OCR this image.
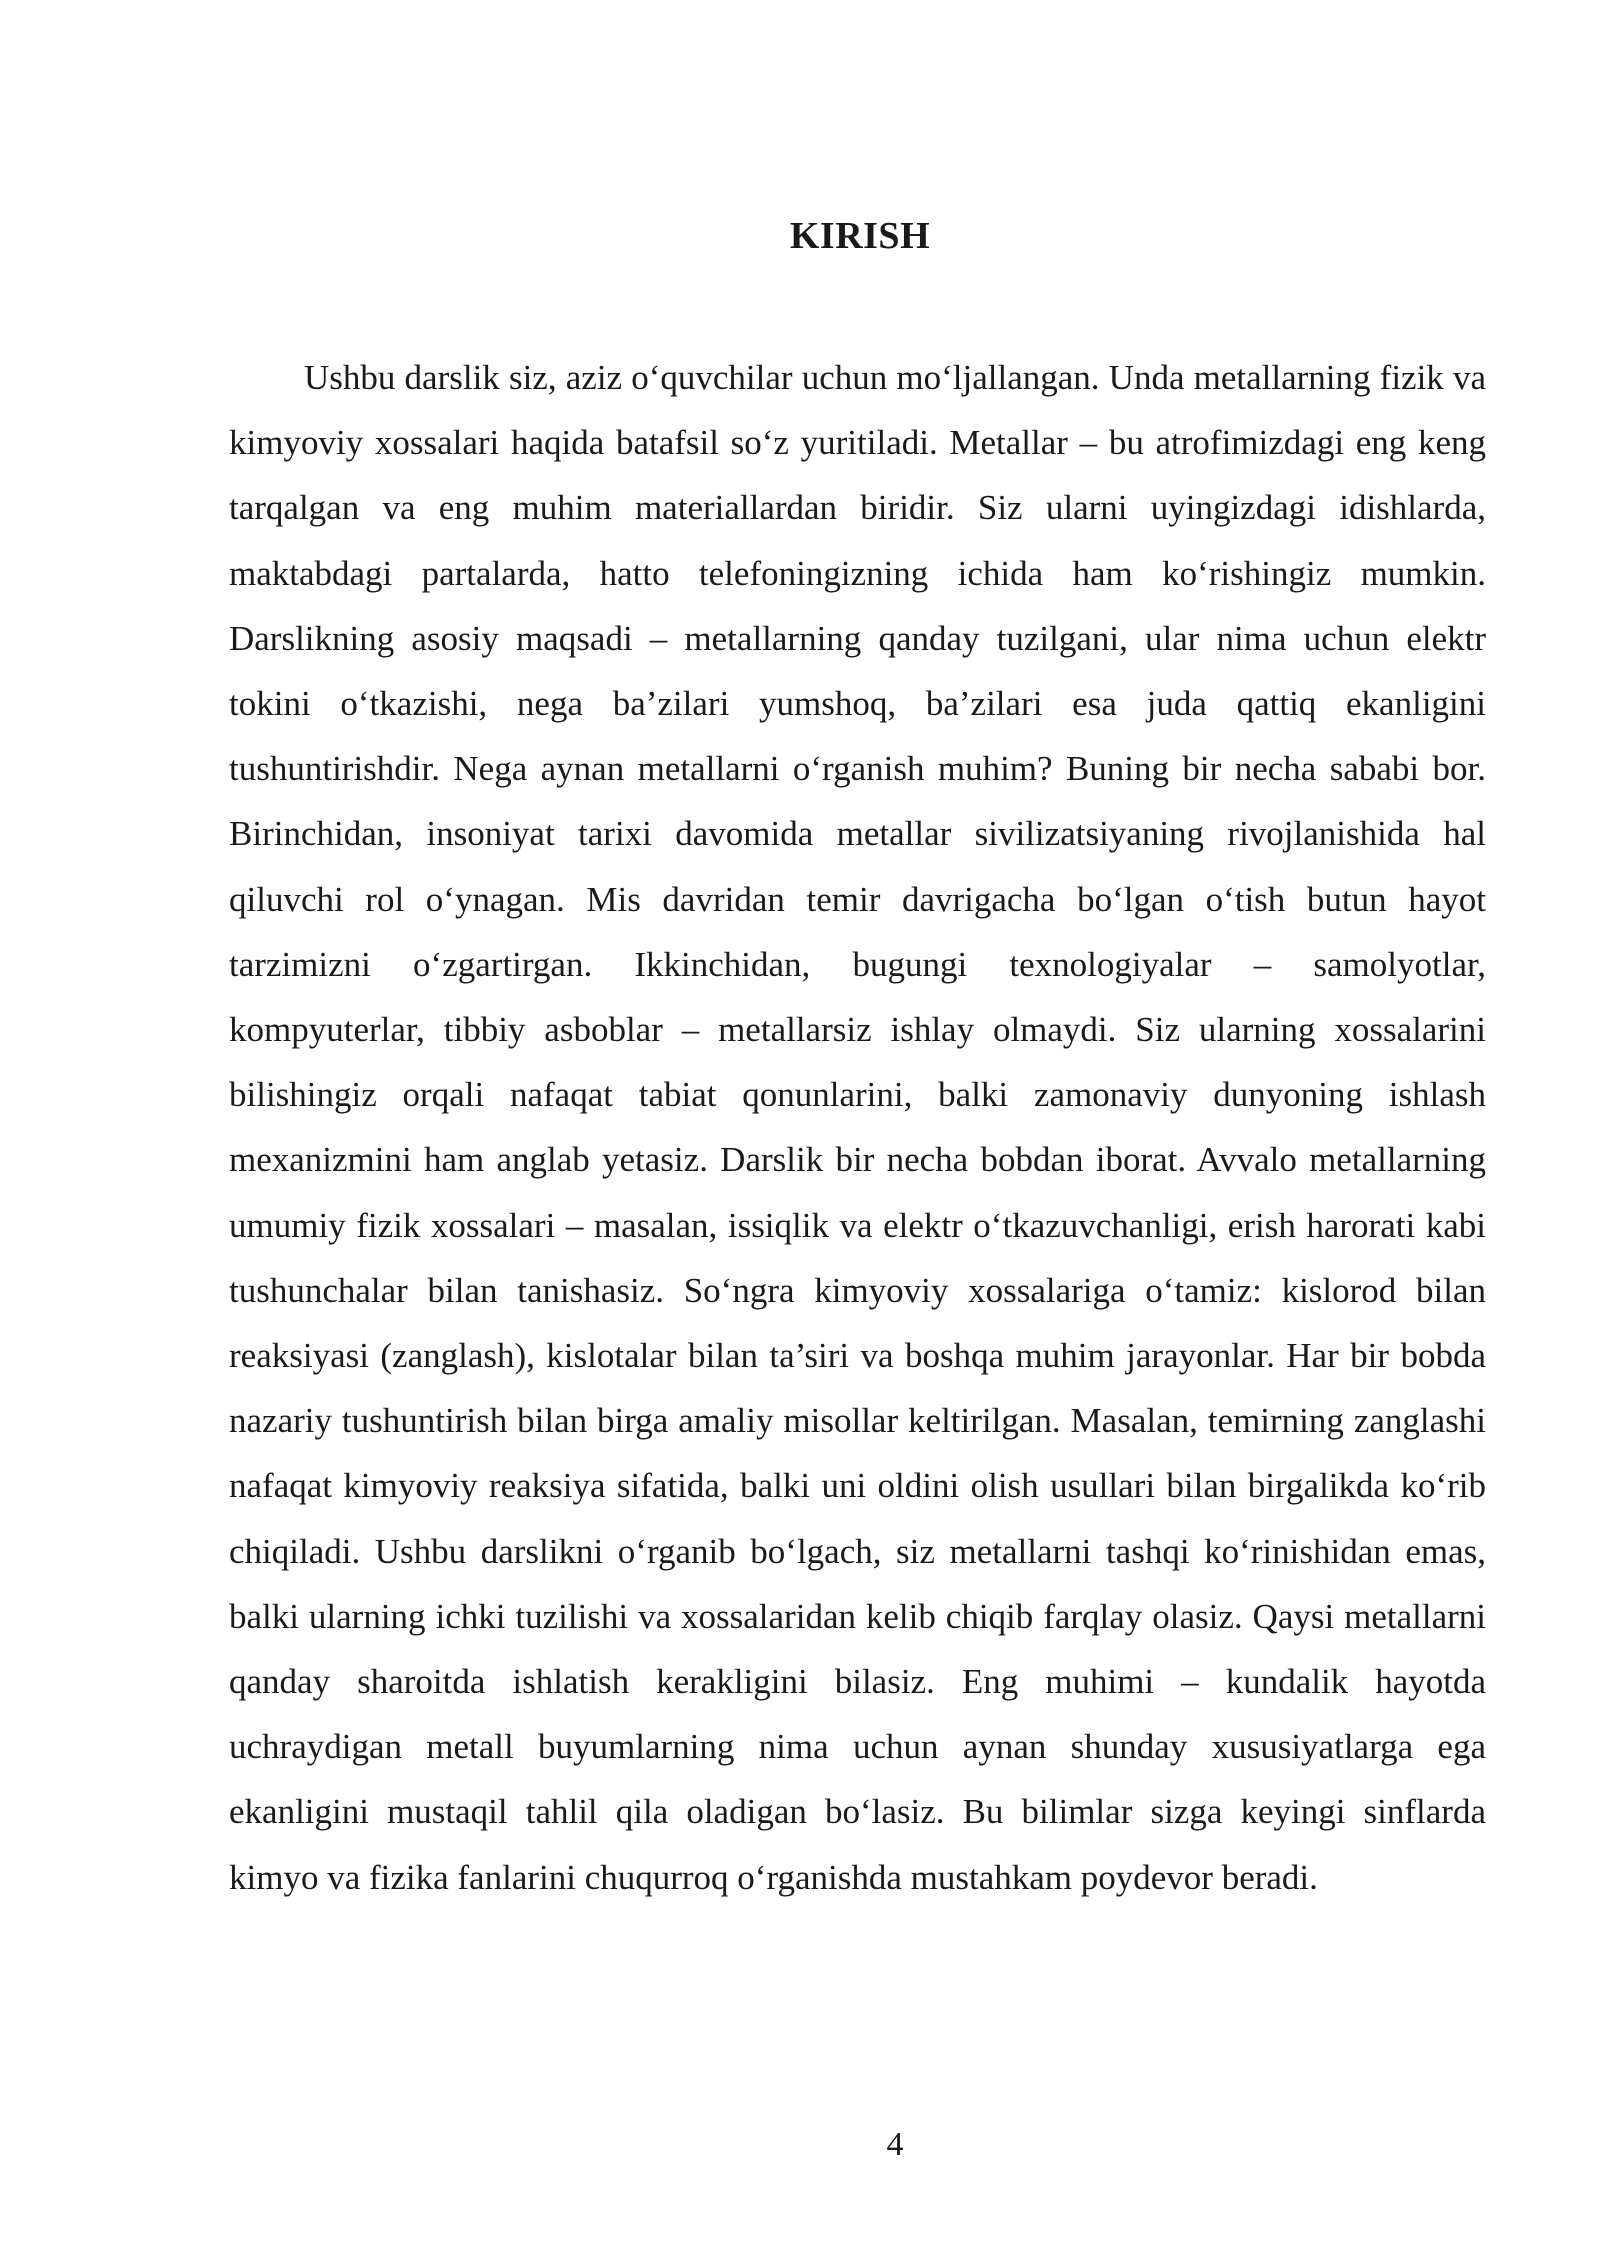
KIRISH

Ushbu darslik siz, aziz o‘quvchilar uchun mo‘ljallangan. Unda metallarning fizik va kimyoviy xossalari haqida batafsil so‘z yuritiladi. Metallar – bu atrofimizdagi eng keng tarqalgan va eng muhim materiallardan biridir. Siz ularni uyingizdagi idishlarda, maktabdagi partalarda, hatto telefoningizning ichida ham ko‘rishingiz mumkin. Darslikning asosiy maqsadi – metallarning qanday tuzilgani, ular nima uchun elektr tokini o‘tkazishi, nega ba’zilari yumshoq, ba’zilari esa juda qattiq ekanligini tushuntirishdir. Nega aynan metallarni o‘rganish muhim? Buning bir necha sababi bor. Birinchidan, insoniyat tarixi davomida metallar sivilizatsiyaning rivojlanishida hal qiluvchi rol o‘ynagan. Mis davridan temir davrigacha bo‘lgan o‘tish butun hayot tarzimizni o‘zgartirgan. Ikkinchidan, bugungi texnologiyalar – samolyotlar, kompyuterlar, tibbiy asboblar – metallarsiz ishlay olmaydi. Siz ularning xossalarini bilishingiz orqali nafaqat tabiat qonunlarini, balki zamonaviy dunyoning ishlash mexanizmini ham anglab yetasiz. Darslik bir necha bobdan iborat. Avvalo metallarning umumiy fizik xossalari – masalan, issiqlik va elektr o‘tkazuvchanligi, erish harorati kabi tushunchalar bilan tanishasiz. So‘ngra kimyoviy xossalariga o‘tamiz: kislorod bilan reaksiyasi (zanglash), kislotalar bilan ta’siri va boshqa muhim jarayonlar. Har bir bobda nazariy tushuntirish bilan birga amaliy misollar keltirilgan. Masalan, temirning zanglashi nafaqat kimyoviy reaksiya sifatida, balki uni oldini olish usullari bilan birgalikda ko‘rib chiqiladi. Ushbu darslikni o‘rganib bo‘lgach, siz metallarni tashqi ko‘rinishidan emas, balki ularning ichki tuzilishi va xossalaridan kelib chiqib farqlay olasiz. Qaysi metallarni qanday sharoitda ishlatish kerakligini bilasiz. Eng muhimi – kundalik hayotda uchraydigan metall buyumlarning nima uchun aynan shunday xususiyatlarga ega ekanligini mustaqil tahlil qila oladigan bo‘lasiz. Bu bilimlar sizga keyingi sinflarda kimyo va fizika fanlarini chuqurroq o‘rganishda mustahkam poydevor beradi.

4
